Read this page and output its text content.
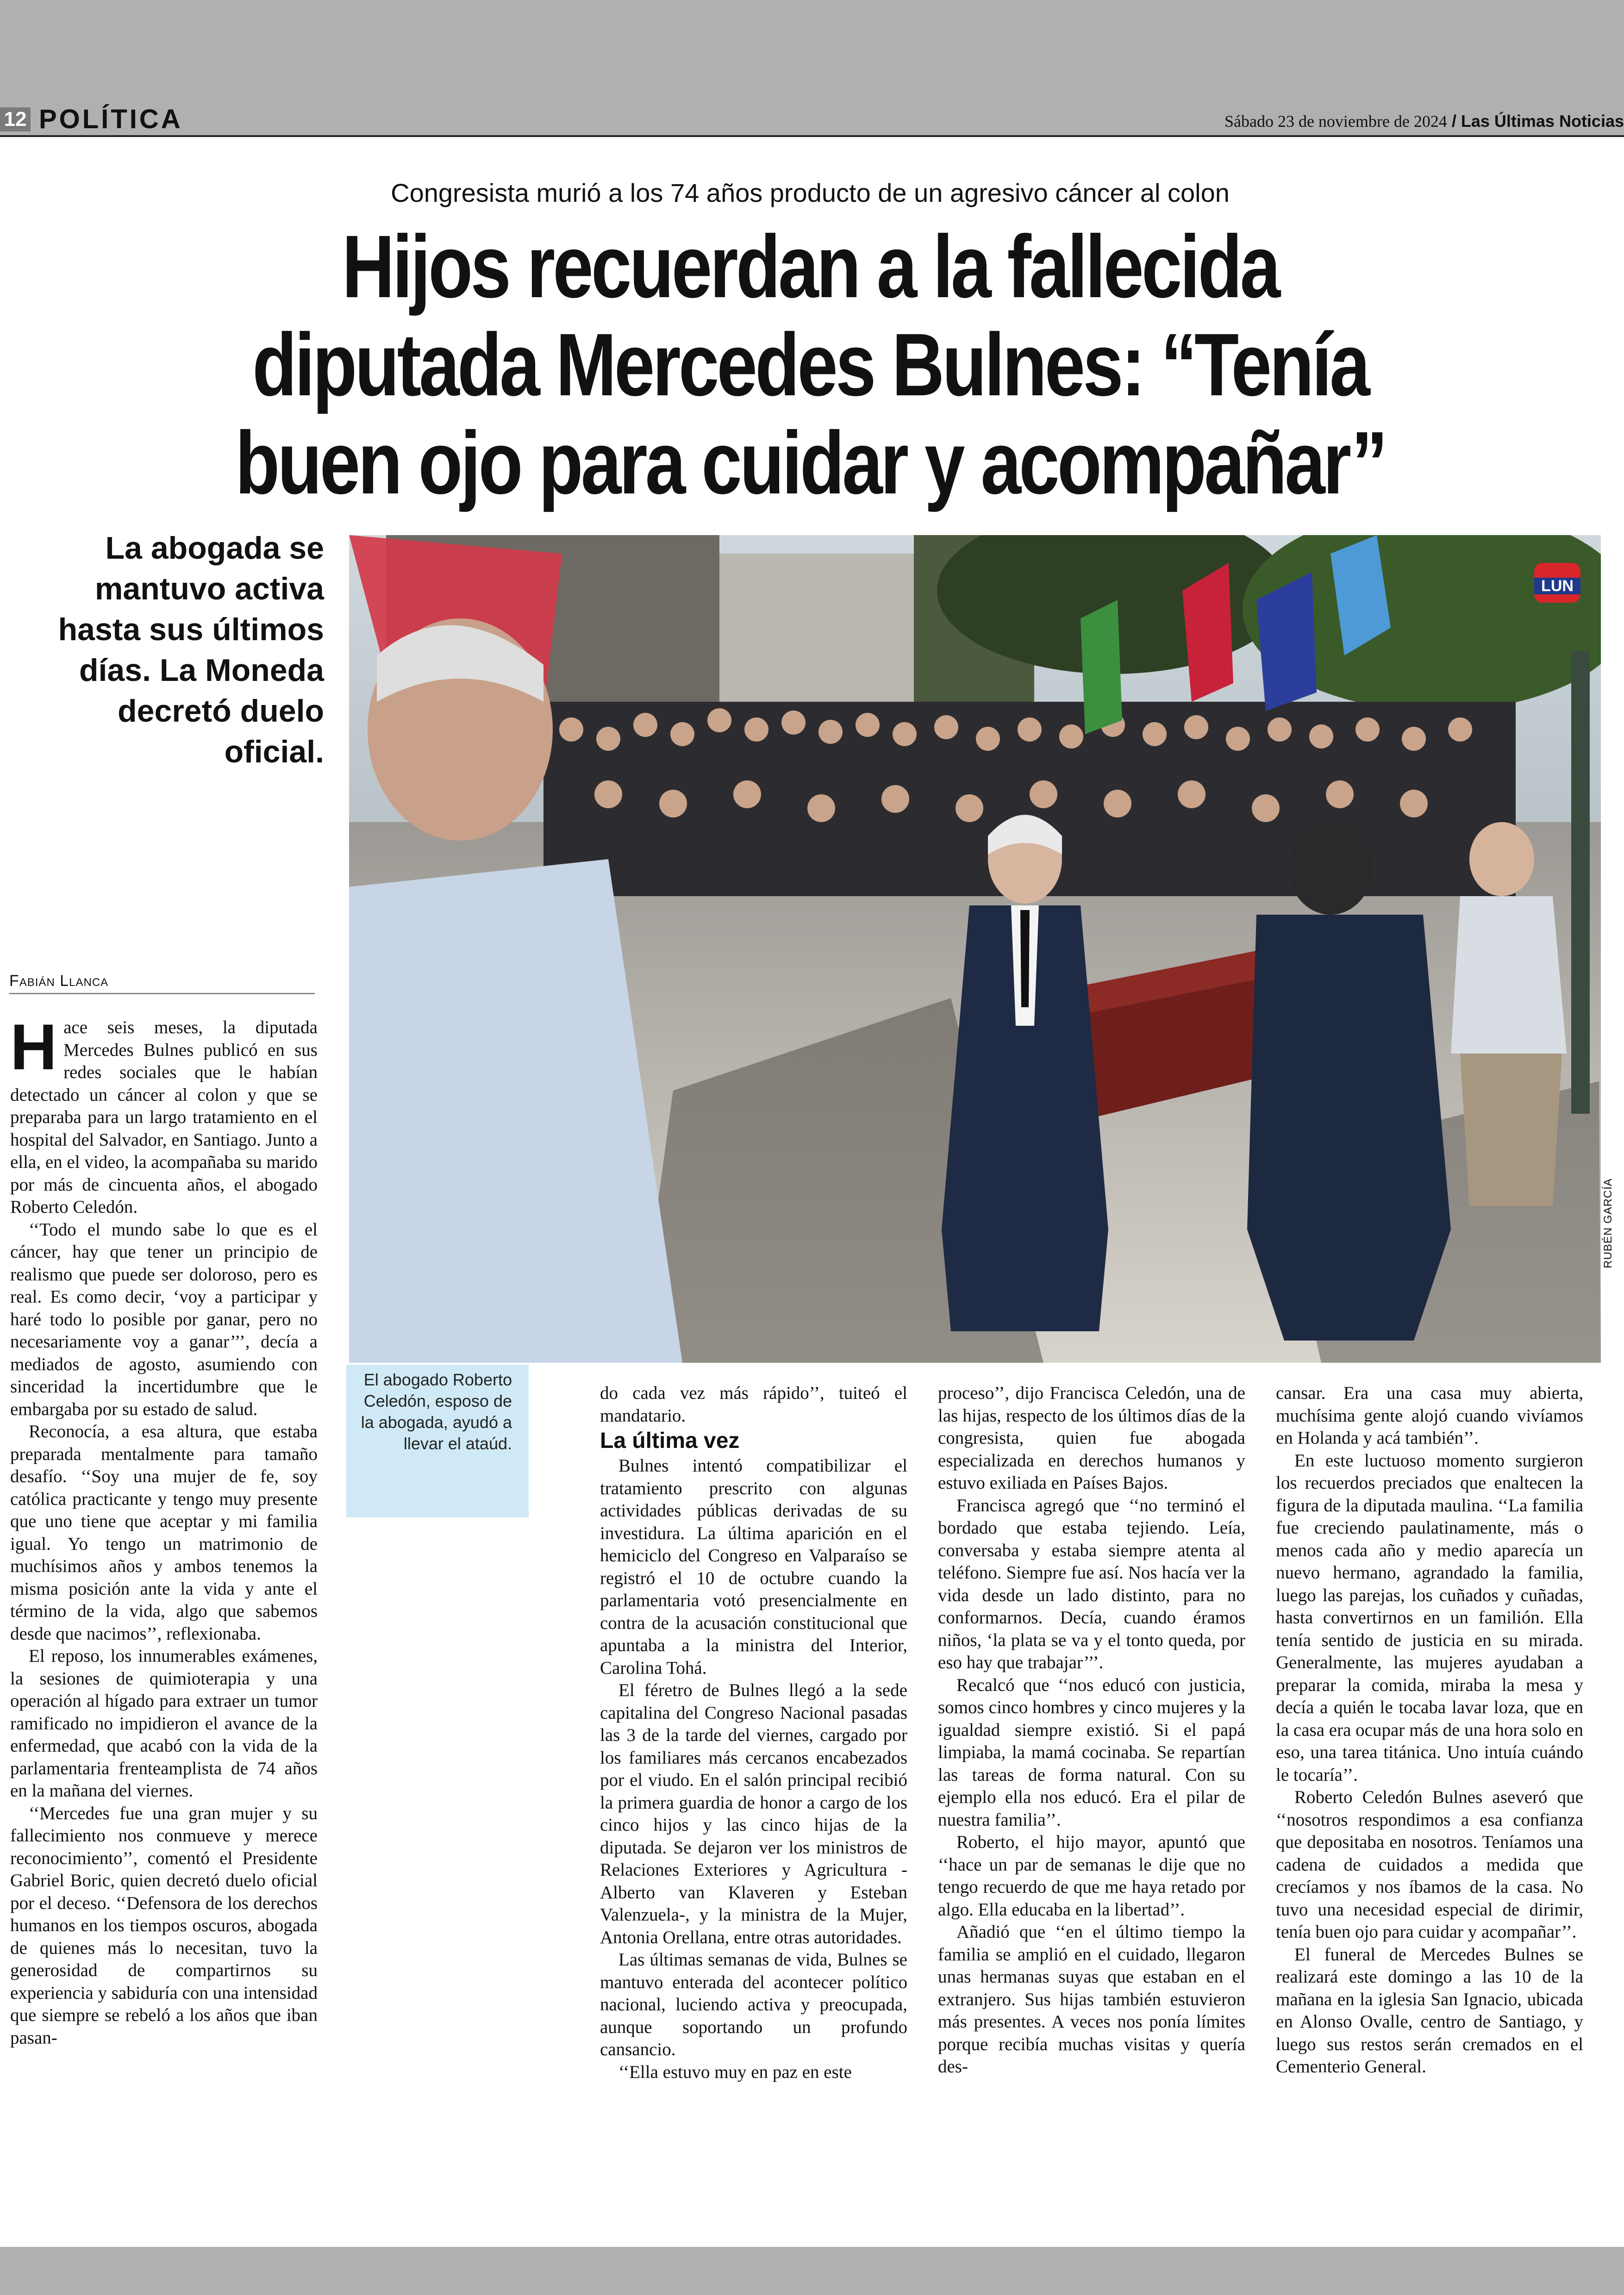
12 POLÍTICA	Sábado 23 de noviembre de 2024 / Las Últimas Noticias
Congresista murió a los 74 años producto de un agresivo cáncer al colon
Hijos recuerdan a la fallecida diputada Mercedes Bulnes: ‘‘Tenía buen ojo para cuidar y acompañar’’
La abogada se mantuvo activa hasta sus últimos días. La Moneda decretó duelo oficial.
LUN
RUBÉN GARCÍA
El abogado Roberto Celedón, esposo de la abogada, ayudó a llevar el ataúd.
Fabián Llanca

Hace seis meses, la diputada Mercedes Bulnes publicó en sus redes sociales que le habían detectado un cáncer al colon y que se preparaba para un largo tratamiento en el hospital del Salvador, en Santiago. Junto a ella, en el video, la acompañaba su marido por más de cincuenta años, el abogado Roberto Celedón.

‘‘Todo el mundo sabe lo que es el cáncer, hay que tener un principio de realismo que puede ser doloroso, pero es real. Es como decir, ‘voy a participar y haré todo lo posible por ganar, pero no necesariamente voy a ganar’’’, decía a mediados de agosto, asumiendo con sinceridad la incertidumbre que le embargaba por su estado de salud.

Reconocía, a esa altura, que estaba preparada mentalmente para tamaño desafío. ‘‘Soy una mujer de fe, soy católica practicante y tengo muy presente que uno tiene que aceptar y mi familia igual. Yo tengo un matrimonio de muchísimos años y ambos tenemos la misma posición ante la vida y ante el término de la vida, algo que sabemos desde que nacimos’’, reflexionaba.

El reposo, los innumerables exámenes, la sesiones de quimioterapia y una operación al hígado para extraer un tumor ramificado no impidieron el avance de la enfermedad, que acabó con la vida de la parlamentaria frenteamplista de 74 años en la mañana del viernes.

‘‘Mercedes fue una gran mujer y su fallecimiento nos conmueve y merece reconocimiento’’, comentó el Presidente Gabriel Boric, quien decretó duelo oficial por el deceso. ‘‘Defensora de los derechos humanos en los tiempos oscuros, abogada de quienes más lo necesitan, tuvo la generosidad de compartirnos su experiencia y sabiduría con una intensidad que siempre se rebeló a los años que iban pasan-

do cada vez más rápido’’, tuiteó el mandatario.

La última vez

Bulnes intentó compatibilizar el tratamiento prescrito con algunas actividades públicas derivadas de su investidura. La última aparición en el hemiciclo del Congreso en Valparaíso se registró el 10 de octubre cuando la parlamentaria votó presencialmente en contra de la acusación constitucional que apuntaba a la ministra del Interior, Carolina Tohá.

El féretro de Bulnes llegó a la sede capitalina del Congreso Nacional pasadas las 3 de la tarde del viernes, cargado por los familiares más cercanos encabezados por el viudo. En el salón principal recibió la primera guardia de honor a cargo de los cinco hijos y las cinco hijas de la diputada. Se dejaron ver los ministros de Relaciones Exteriores y Agricultura -Alberto van Klaveren y Esteban Valenzuela-, y la ministra de la Mujer, Antonia Orellana, entre otras autoridades.

Las últimas semanas de vida, Bulnes se mantuvo enterada del acontecer político nacional, luciendo activa y preocupada, aunque soportando un profundo cansancio.

‘‘Ella estuvo muy en paz en este

proceso’’, dijo Francisca Celedón, una de las hijas, respecto de los últimos días de la congresista, quien fue abogada especializada en derechos humanos y estuvo exiliada en Países Bajos.

Francisca agregó que ‘‘no terminó el bordado que estaba tejiendo. Leía, conversaba y estaba siempre atenta al teléfono. Siempre fue así. Nos hacía ver la vida desde un lado distinto, para no conformarnos. Decía, cuando éramos niños, ‘la plata se va y el tonto queda, por eso hay que trabajar’’’.

Recalcó que ‘‘nos educó con justicia, somos cinco hombres y cinco mujeres y la igualdad siempre existió. Si el papá limpiaba, la mamá cocinaba. Se repartían las tareas de forma natural. Con su ejemplo ella nos educó. Era el pilar de nuestra familia’’.

Roberto, el hijo mayor, apuntó que ‘‘hace un par de semanas le dije que no tengo recuerdo de que me haya retado por algo. Ella educaba en la libertad’’.

Añadió que ‘‘en el último tiempo la familia se amplió en el cuidado, llegaron unas hermanas suyas que estaban en el extranjero. Sus hijas también estuvieron más presentes. A veces nos ponía límites porque recibía muchas visitas y quería des-

cansar. Era una casa muy abierta, muchísima gente alojó cuando vivíamos en Holanda y acá también’’.

En este luctuoso momento surgieron los recuerdos preciados que enaltecen la figura de la diputada maulina. ‘‘La familia fue creciendo paulatinamente, más o menos cada año y medio aparecía un nuevo hermano, agrandado la familia, luego las parejas, los cuñados y cuñadas, hasta convertirnos en un familión. Ella tenía sentido de justicia en su mirada. Generalmente, las mujeres ayudaban a preparar la comida, miraba la mesa y decía a quién le tocaba lavar loza, que en la casa era ocupar más de una hora solo en eso, una tarea titánica. Uno intuía cuándo le tocaría’’.

Roberto Celedón Bulnes aseveró que ‘‘nosotros respondimos a esa confianza que depositaba en nosotros. Teníamos una cadena de cuidados a medida que crecíamos y nos íbamos de la casa. No tuvo una necesidad especial de dirimir, tenía buen ojo para cuidar y acompañar’’.

El funeral de Mercedes Bulnes se realizará este domingo a las 10 de la mañana en la iglesia San Ignacio, ubicada en Alonso Ovalle, centro de Santiago, y luego sus restos serán cremados en el Cementerio General.
